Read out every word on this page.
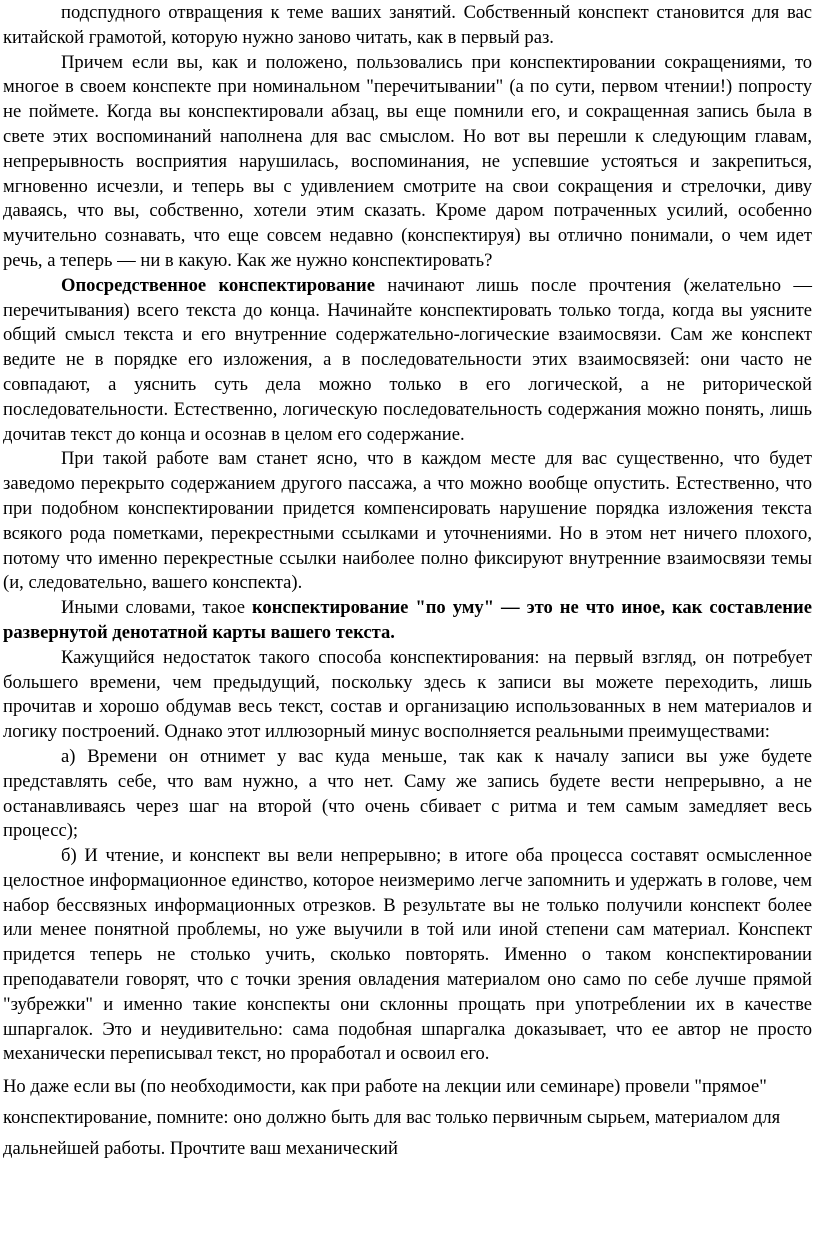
подспудного отвращения к теме ваших занятий. Собственный конспект становится для вас китайской грамотой, которую нужно заново читать, как в первый раз.

Причем если вы, как и положено, пользовались при конспектировании сокращениями, то многое в своем конспекте при номинальном "перечитывании" (а по сути, первом чтении!) попросту не поймете. Когда вы конспектировали абзац, вы еще помнили его, и сокращенная запись была в свете этих воспоминаний наполнена для вас смыслом. Но вот вы перешли к следующим главам, непрерывность восприятия нарушилась, воспоминания, не успевшие устояться и закрепиться, мгновенно исчезли, и теперь вы с удивлением смотрите на свои сокращения и стрелочки, диву даваясь, что вы, собственно, хотели этим сказать. Кроме даром потраченных усилий, особенно мучительно сознавать, что еще совсем недавно (конспектируя) вы отлично понимали, о чем идет речь, а теперь — ни в какую. Как же нужно конспектировать?

Опосредственное конспектирование начинают лишь после прочтения (желательно — перечитывания) всего текста до конца. Начинайте конспектировать только тогда, когда вы уясните общий смысл текста и его внутренние содержательно-логические взаимосвязи. Сам же конспект ведите не в порядке его изложения, а в последовательности этих взаимосвязей: они часто не совпадают, а уяснить суть дела можно только в его логической, а не риторической последовательности. Естественно, логическую последовательность содержания можно понять, лишь дочитав текст до конца и осознав в целом его содержание.

При такой работе вам станет ясно, что в каждом месте для вас существенно, что будет заведомо перекрыто содержанием другого пассажа, а что можно вообще опустить. Естественно, что при подобном конспектировании придется компенсировать нарушение порядка изложения текста всякого рода пометками, перекрестными ссылками и уточнениями. Но в этом нет ничего плохого, потому что именно перекрестные ссылки наиболее полно фиксируют внутренние взаимосвязи темы (и, следовательно, вашего конспекта).

Иными словами, такое конспектирование "по уму" — это не что иное, как составление развернутой денотатной карты вашего текста.

Кажущийся недостаток такого способа конспектирования: на первый взгляд, он потребует большего времени, чем предыдущий, поскольку здесь к записи вы можете переходить, лишь прочитав и хорошо обдумав весь текст, состав и организацию использованных в нем материалов и логику построений. Однако этот иллюзорный минус восполняется реальными преимуществами:

а) Времени он отнимет у вас куда меньше, так как к началу записи вы уже будете представлять себе, что вам нужно, а что нет. Саму же запись будете вести непрерывно, а не останавливаясь через шаг на второй (что очень сбивает с ритма и тем самым замедляет весь процесс);

б) И чтение, и конспект вы вели непрерывно; в итоге оба процесса составят осмысленное целостное информационное единство, которое неизмеримо легче запомнить и удержать в голове, чем набор бессвязных информационных отрезков. В результате вы не только получили конспект более или менее понятной проблемы, но уже выучили в той или иной степени сам материал. Конспект придется теперь не столько учить, сколько повторять. Именно о таком конспектировании преподаватели говорят, что с точки зрения овладения материалом оно само по себе лучше прямой "зубрежки" и именно такие конспекты они склонны прощать при употреблении их в качестве шпаргалок. Это и неудивительно: сама подобная шпаргалка доказывает, что ее автор не просто механически переписывал текст, но проработал и освоил его.

Но даже если вы (по необходимости, как при работе на лекции или семинаре) провели "прямое" конспектирование, помните: оно должно быть для вас только первичным сырьем, материалом для дальнейшей работы. Прочтите ваш механический
